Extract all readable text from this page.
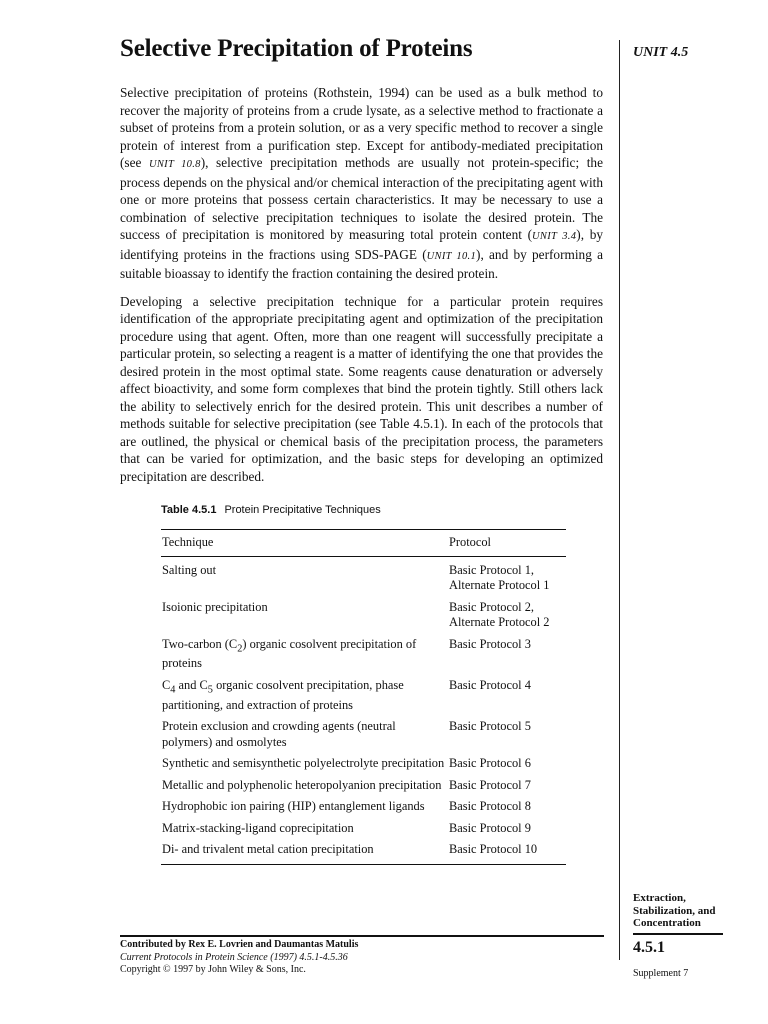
UNIT 4.5
Selective Precipitation of Proteins

Selective precipitation of proteins (Rothstein, 1994) can be used as a bulk method to recover the majority of proteins from a crude lysate, as a selective method to fractionate a subset of proteins from a protein solution, or as a very specific method to recover a single protein of interest from a purification step. Except for antibody-mediated precipitation (see UNIT 10.8), selective precipitation methods are usually not protein-specific; the process depends on the physical and/or chemical interaction of the precipitating agent with one or more proteins that possess certain characteristics. It may be necessary to use a combination of selective precipitation techniques to isolate the desired protein. The success of precipitation is monitored by measuring total protein content (UNIT 3.4), by identifying proteins in the fractions using SDS-PAGE (UNIT 10.1), and by performing a suitable bioassay to identify the fraction containing the desired protein.

Developing a selective precipitation technique for a particular protein requires identification of the appropriate precipitating agent and optimization of the precipitation procedure using that agent. Often, more than one reagent will successfully precipitate a particular protein, so selecting a reagent is a matter of identifying the one that provides the desired protein in the most optimal state. Some reagents cause denaturation or adversely affect bioactivity, and some form complexes that bind the protein tightly. Still others lack the ability to selectively enrich for the desired protein. This unit describes a number of methods suitable for selective precipitation (see Table 4.5.1). In each of the protocols that are outlined, the physical or chemical basis of the precipitation process, the parameters that can be varied for optimization, and the basic steps for developing an optimized precipitation are described.

Table 4.5.1 Protein Precipitative Techniques
Technique	Protocol
Salting out	Basic Protocol 1,
Alternate Protocol 1
Isoionic precipitation	Basic Protocol 2,
Alternate Protocol 2
Two-carbon $(C_2)$ organic cosolvent precipitation of proteins	Basic Protocol 3
$C_4$ and $C_5$ organic cosolvent precipitation, phase partitioning, and extraction of proteins	Basic Protocol 4
Protein exclusion and crowding agents (neutral polymers) and osmolytes	Basic Protocol 5
Synthetic and semisynthetic polyelectrolyte precipitation	Basic Protocol 6
Metallic and polyphenolic heteropolyanion precipitation	Basic Protocol 7
Hydrophobic ion pairing (HIP) entanglement ligands	Basic Protocol 8
Matrix-stacking-ligand coprecipitation	Basic Protocol 9
Di- and trivalent metal cation precipitation	Basic Protocol 10
Extraction, Stabilization, and Concentration
4.5.1
Supplement 7
Contributed by Rex E. Lovrien and Daumantas Matulis
Current Protocols in Protein Science (1997) 4.5.1-4.5.36
Copyright © 1997 by John Wiley & Sons, Inc.
